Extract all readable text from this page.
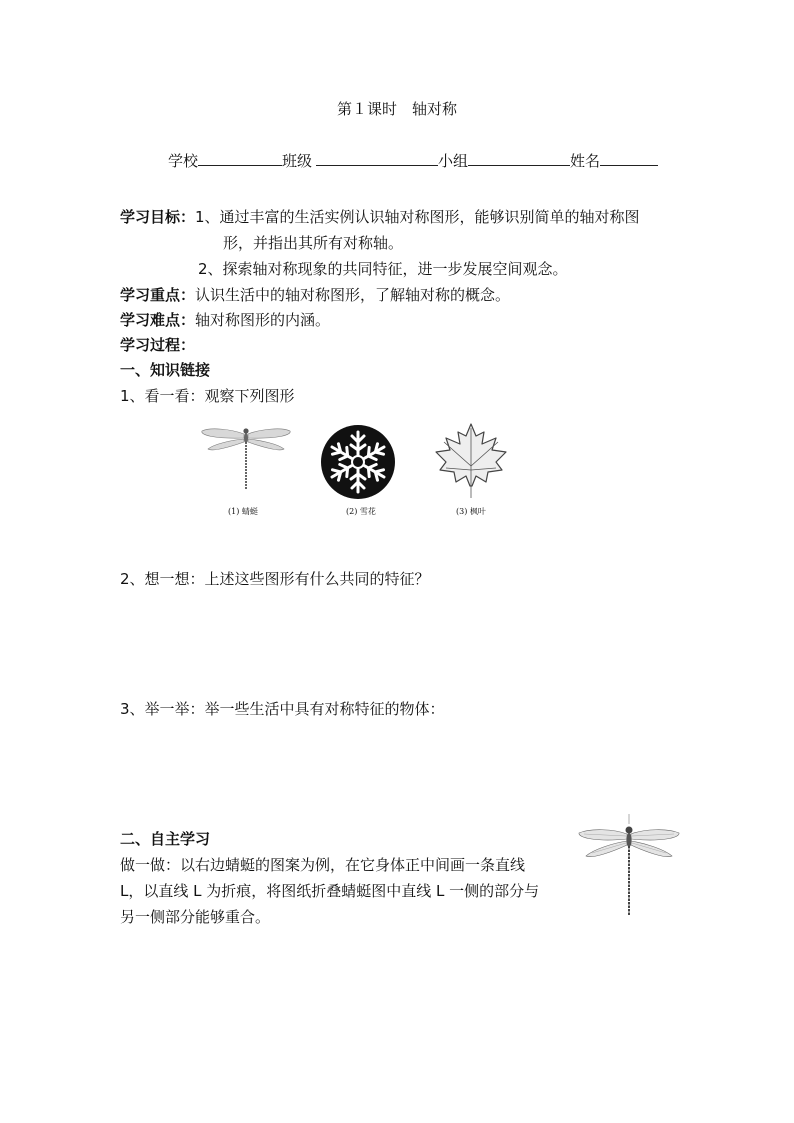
第１课时　轴对称
学校	班级	小组	姓名
学习目标：1、通过丰富的生活实例认识轴对称图形，能够识别简单的轴对称图
形，并指出其所有对称轴。
2、探索轴对称现象的共同特征，进一步发展空间观念。
学习重点：认识生活中的轴对称图形，了解轴对称的概念。
学习难点：轴对称图形的内涵。
学习过程：
一、知识链接
1、看一看：观察下列图形
(1) 蜻蜓	(2) 雪花	(3) 枫叶
2、想一想：上述这些图形有什么共同的特征？
3、举一举：举一些生活中具有对称特征的物体：
二、自主学习
做一做：以右边蜻蜓的图案为例，在它身体正中间画一条直线
L，以直线 L 为折痕，将图纸折叠蜻蜓图中直线 L 一侧的部分与
另一侧部分能够重合。
